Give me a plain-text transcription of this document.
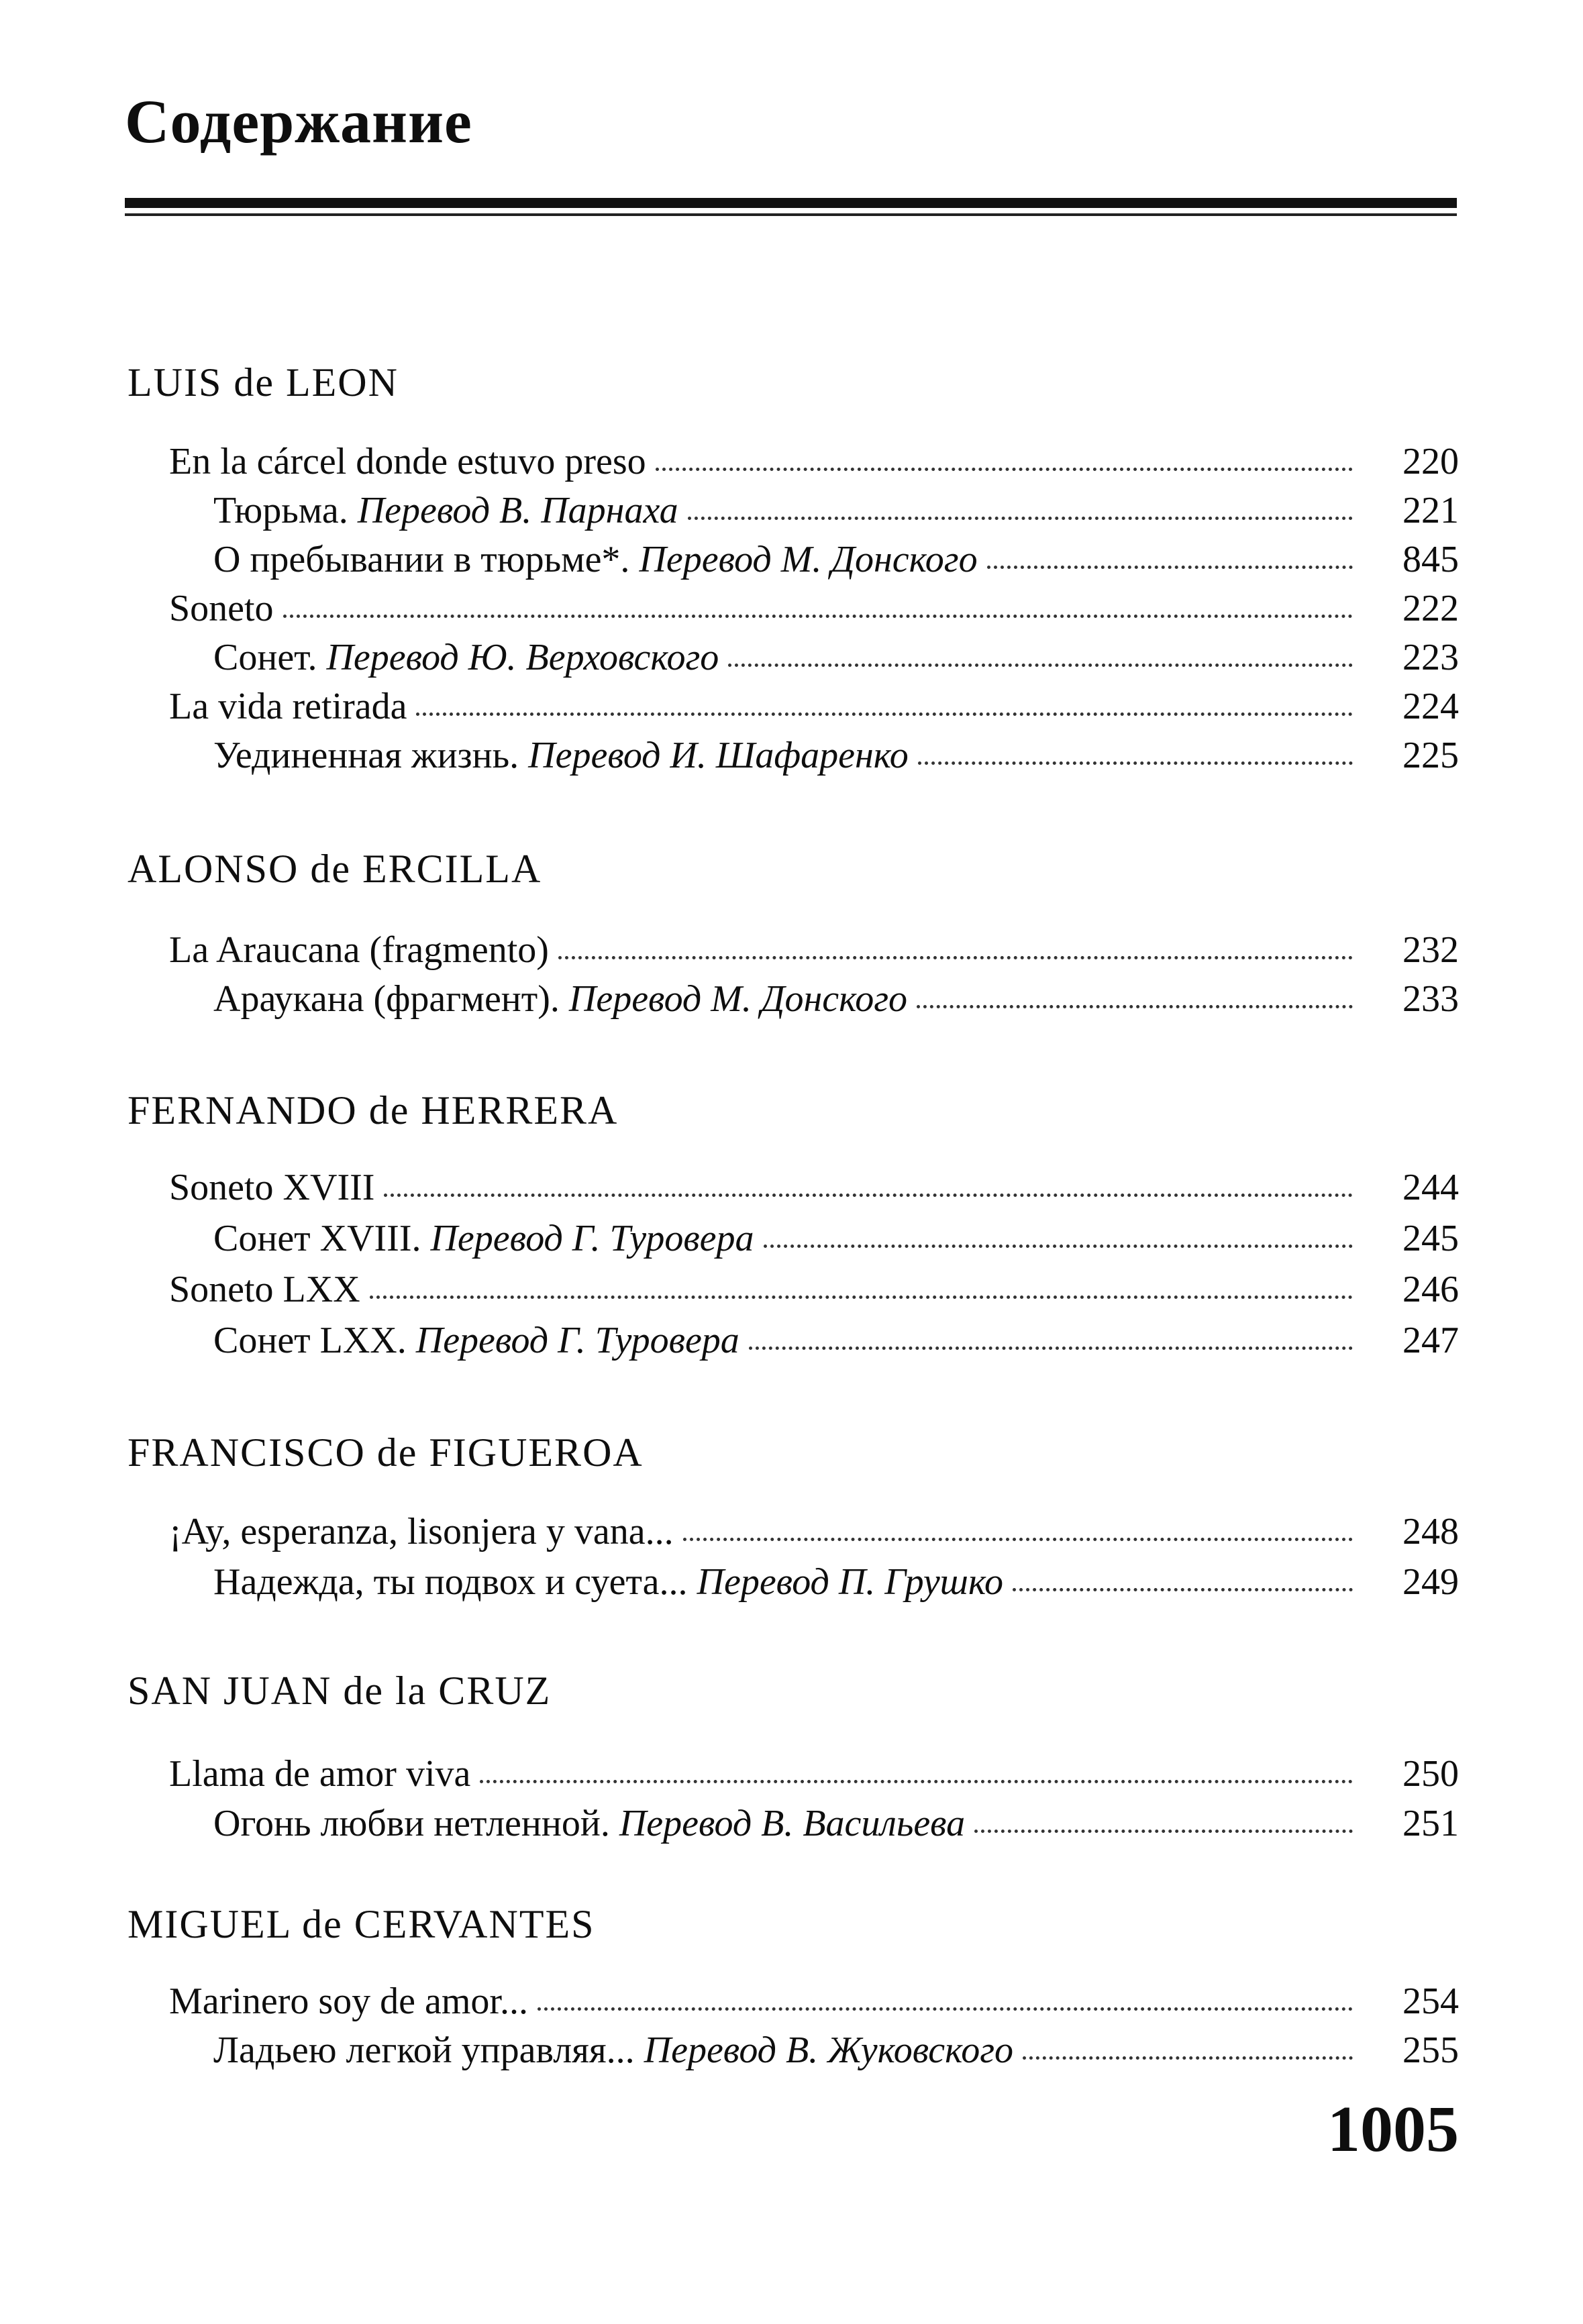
Содержание
LUIS de LEON
En la cárcel donde estuvo preso	220
Тюрьма. Перевод В. Парнаха	221
О пребывании в тюрьме*. Перевод М. Донского	845
Soneto	222
Сонет. Перевод Ю. Верховского	223
La vida retirada	224
Уединенная жизнь. Перевод И. Шафаренко	225
ALONSO de ERCILLA
La Araucana (fragmento)	232
Араукана (фрагмент). Перевод М. Донского	233
FERNANDO de HERRERA
Soneto XVIII	244
Сонет XVIII. Перевод Г. Туровера	245
Soneto LXX	246
Сонет LXX. Перевод Г. Туровера	247
FRANCISCO de FIGUEROA
¡Ay, esperanza, lisonjera y vana...	248
Надежда, ты подвох и суета... Перевод П. Грушко	249
SAN JUAN de la CRUZ
Llama de amor viva	250
Огонь любви нетленной. Перевод В. Васильева	251
MIGUEL de CERVANTES
Marinero soy de amor...	254
Ладьею легкой управляя... Перевод В. Жуковского	255
1005
